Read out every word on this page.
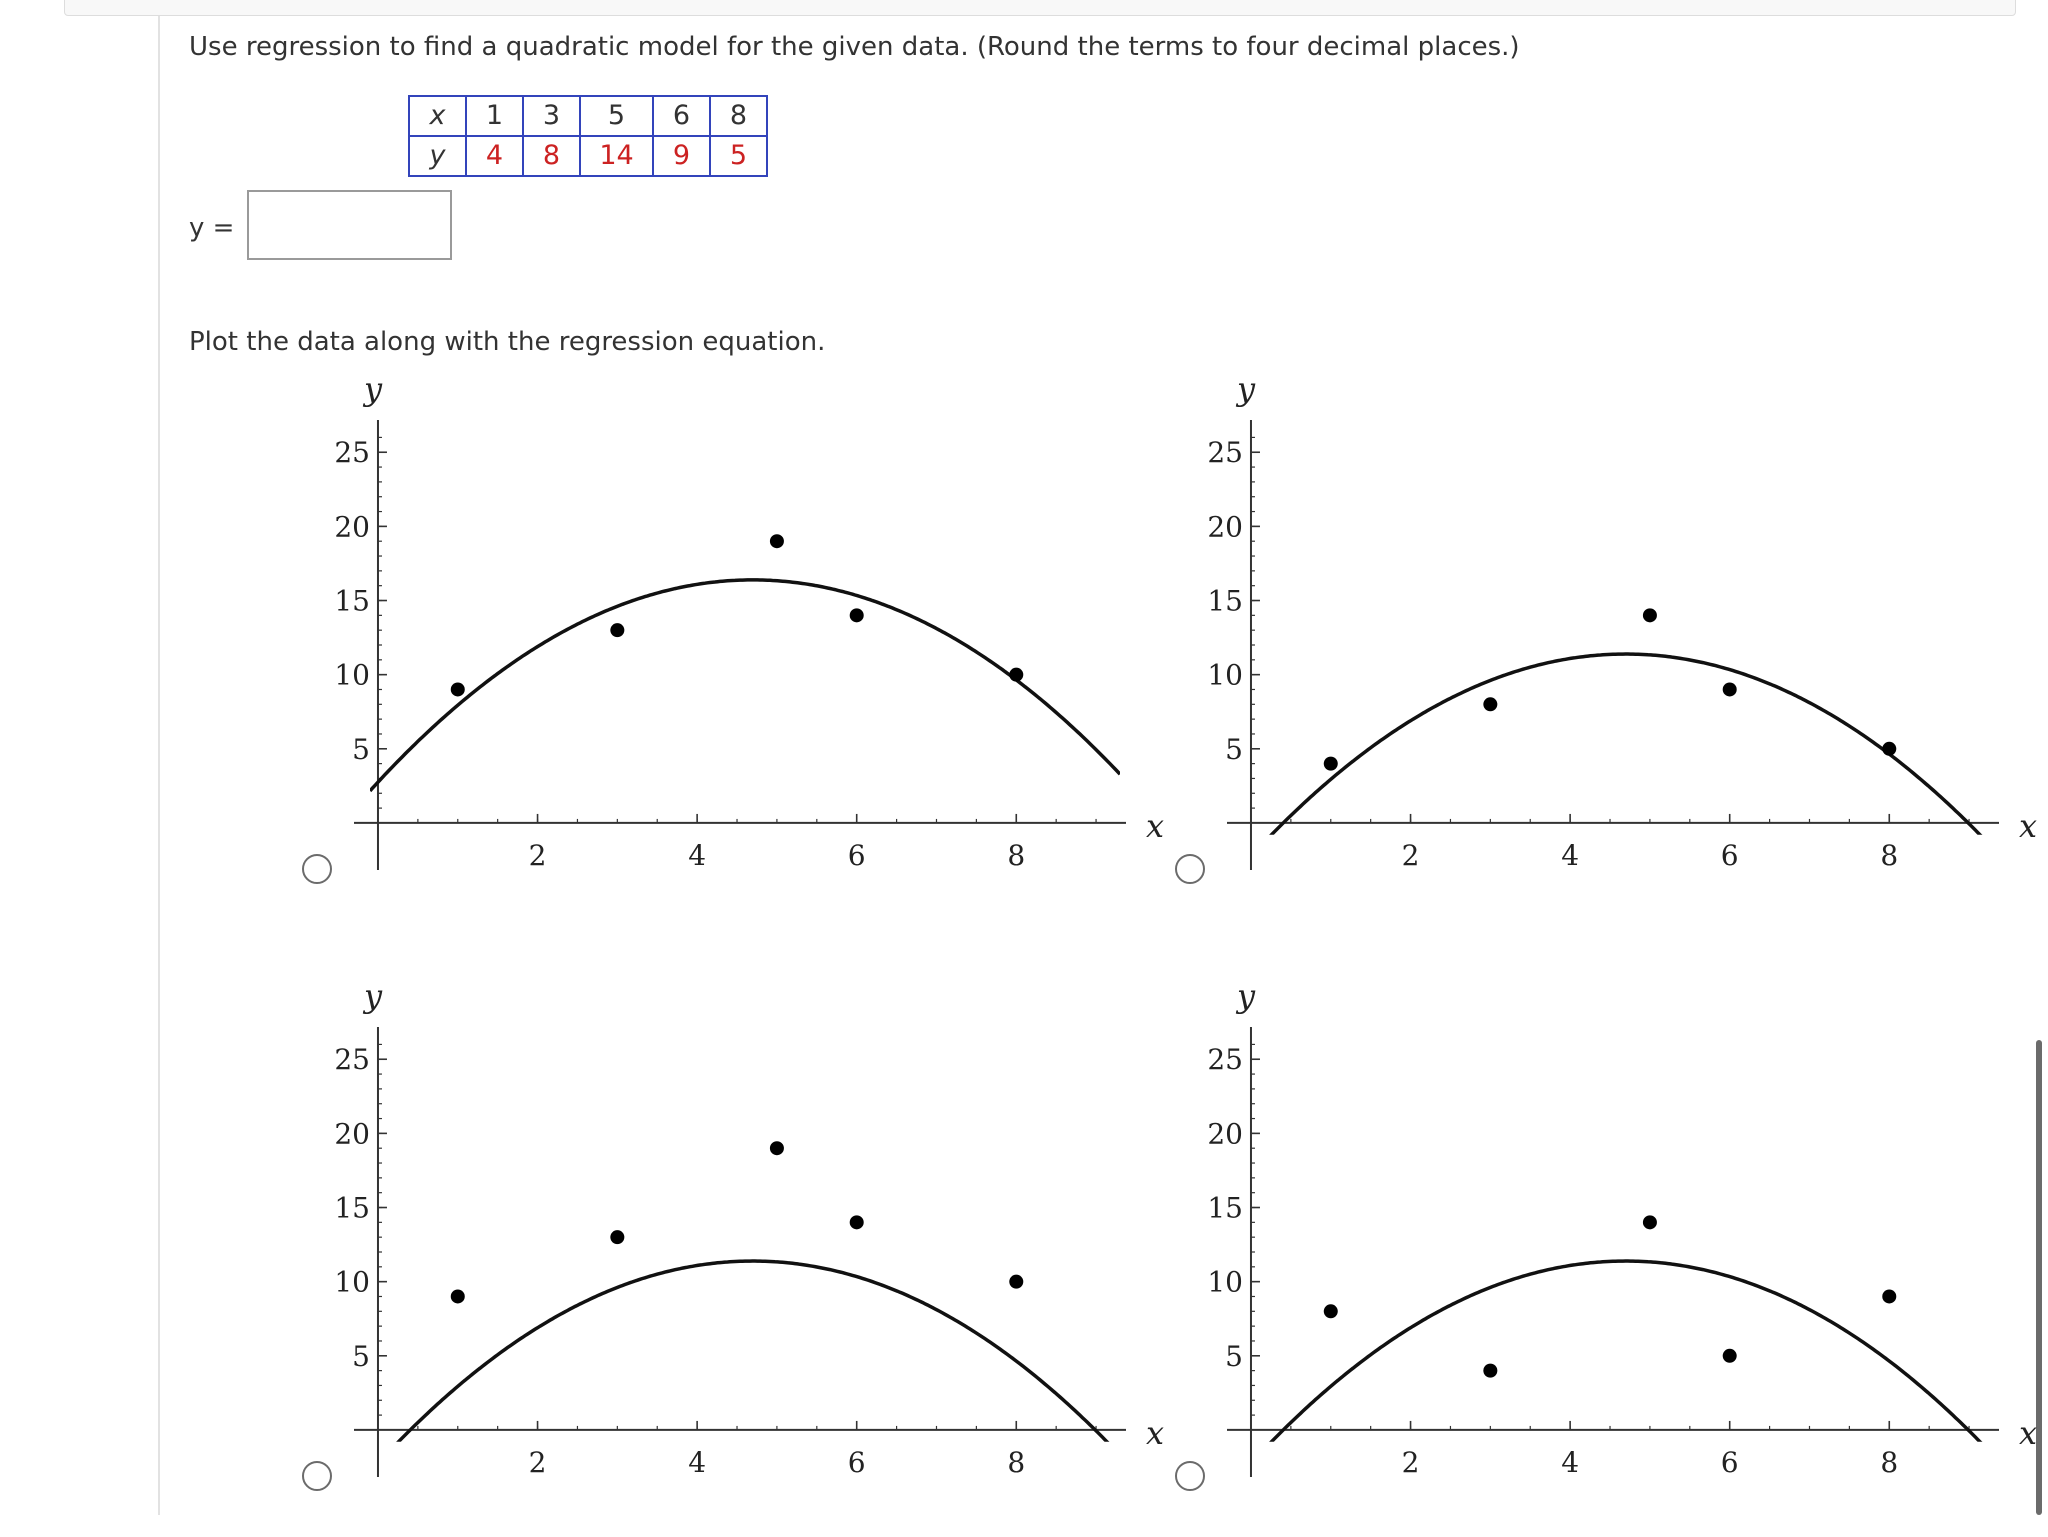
Use regression to find a quadratic model for the given data. (Round the terms to four decimal places.)

x	1	3	5	6	8
y	4	8	14	9	5
y =

Plot the data along with the regression equation.

2	4	6	8
5
10
15
20
25
x
y
2	4	6	8
5
10
15
20
25
x
y
2	4	6	8
5
10
15
20
25
x
y
2	4	6	8
5
10
15
20
25
x
y
